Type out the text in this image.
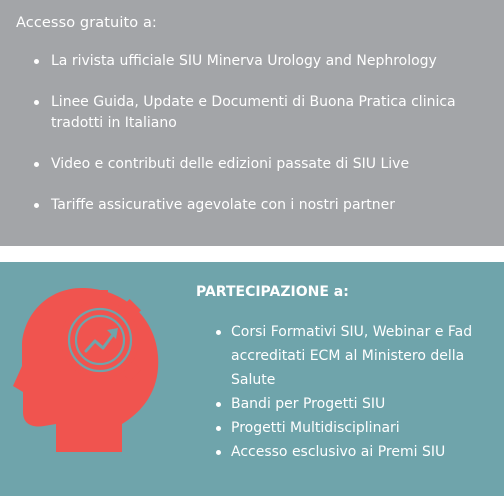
Accesso gratuito a:
La rivista ufficiale SIU Minerva Urology and Nephrology
Linee Guida, Update e Documenti di Buona Pratica clinica tradotti in Italiano
Video e contributi delle edizioni passate di SIU Live
Tariffe assicurative agevolate con i nostri partner
PARTECIPAZIONE a:
Corsi Formativi SIU, Webinar e Fad accreditati ECM al Ministero della Salute
Bandi per Progetti SIU
Progetti Multidisciplinari
Accesso esclusivo ai Premi SIU
